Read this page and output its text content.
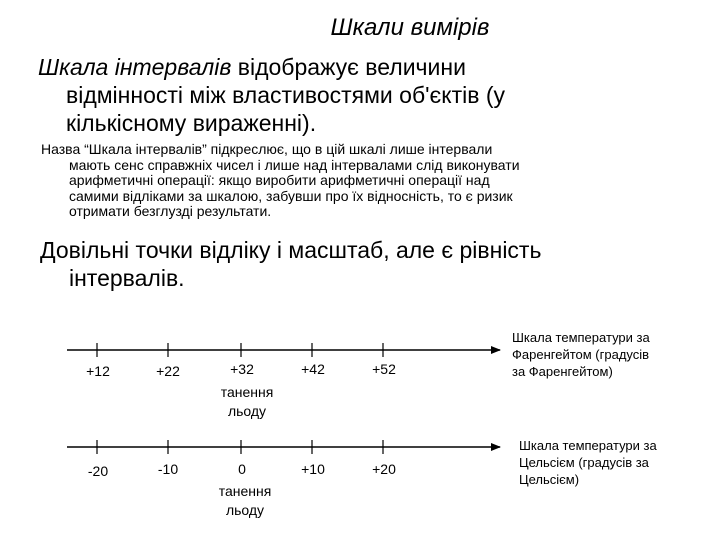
Шкали вимірів
Шкала інтервалів відображує величини
відмінності між властивостями об'єктів (у
кількісному вираженні).
Назва “Шкала інтервалів” підкреслює, що в цій шкалі лише інтервали
мають сенс справжніх чисел і лише над інтервалами слід виконувати
арифметичні операції: якщо виробити арифметичні операції над
самими відліками за шкалою, забувши про їх відносність, то є ризик
отримати безглузді результати.
Довільні точки відліку і масштаб, але є рівність
інтервалів.
+12	+22	+32	+42	+52
танення
льоду
Шкала температури за
Фаренгейтом (градусів
за Фаренгейтом)
-20	-10	0	+10	+20
танення
льоду
Шкала температури за
Цельсієм (градусів за
Цельсієм)
